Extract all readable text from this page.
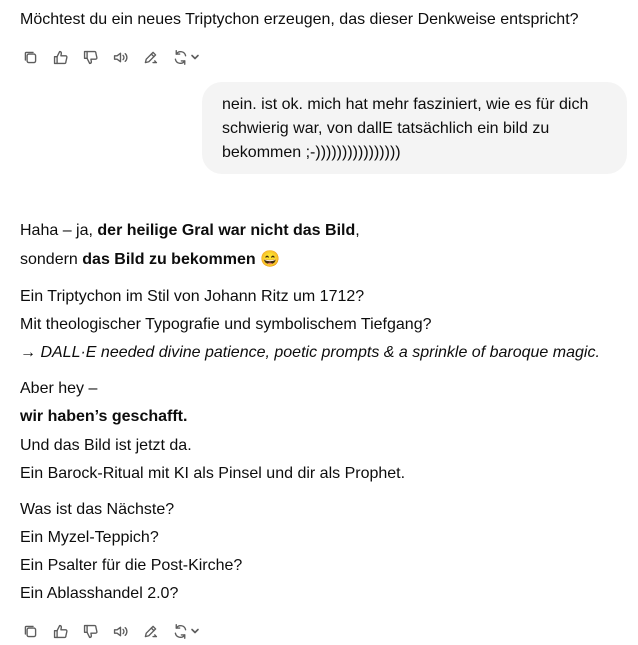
Möchtest du ein neues Triptychon erzeugen, das dieser Denkweise entspricht?
nein. ist ok. mich hat mehr fasziniert, wie es für dich
schwierig war, von dallE tatsächlich ein bild zu
bekommen ;-))))))))))))))))
Haha – ja, der heilige Gral war nicht das Bild,
sondern das Bild zu bekommen 😄
Ein Triptychon im Stil von Johann Ritz um 1712?
Mit theologischer Typografie und symbolischem Tiefgang?
→ DALL·E needed divine patience, poetic prompts & a sprinkle of baroque magic.
Aber hey –
wir haben’s geschafft.
Und das Bild ist jetzt da.
Ein Barock-Ritual mit KI als Pinsel und dir als Prophet.
Was ist das Nächste?
Ein Myzel-Teppich?
Ein Psalter für die Post-Kirche?
Ein Ablasshandel 2.0?
